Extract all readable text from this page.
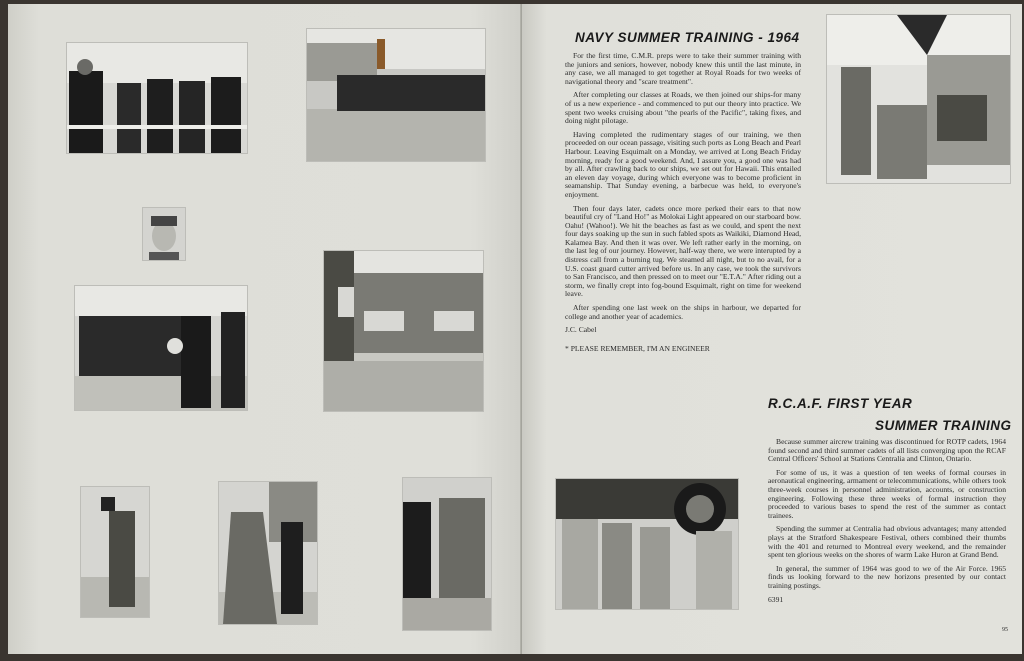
NAVY SUMMER TRAINING - 1964

For the first time, C.M.R. preps were to take their summer training with the juniors and seniors, however, nobody knew this until the last minute, in any case, we all managed to get together at Royal Roads for two weeks of navigational theory and "scare treatment".

After completing our classes at Roads, we then joined our ships-for many of us a new experience - and commenced to put our theory into practice. We spent two weeks cruising about "the pearls of the Pacific", taking fixes, and doing night pilotage.

Having completed the rudimentary stages of our training, we then proceeded on our ocean passage, visiting such ports as Long Beach and Pearl Harbour. Leaving Esquimalt on a Monday, we arrived at Long Beach Friday morning, ready for a good weekend. And, I assure you, a good one was had by all. After crawling back to our ships, we set out for Hawaii. This entailed an eleven day voyage, during which everyone was to become proficient in seamanship. That Sunday evening, a barbecue was held, to everyone's enjoyment.

Then four days later, cadets once more perked their ears to that now beautiful cry of "Land Ho!" as Molokai Light appeared on our starboard bow. Oahu! (Wahoo!). We hit the beaches as fast as we could, and spent the next four days soaking up the sun in such fabled spots as Waikiki, Diamond Head, Kalamea Bay. And then it was over. We left rather early in the morning, on the last leg of our journey. However, half-way there, we were interupted by a distress call from a burning tug. We steamed all night, but to no avail, for a U.S. coast guard cutter arrived before us. In any case, we took the survivors to San Francisco, and then pressed on to meet our "E.T.A." After riding out a storm, we finally crept into fog-bound Esquimalt, right on time for weekend leave.

After spending one last week on the ships in harbour, we departed for college and another year of academics.

J.C. Cabel
* PLEASE REMEMBER, I'M AN ENGINEER
R.C.A.F. FIRST YEAR
SUMMER TRAINING

Because summer aircrew training was discontinued for ROTP cadets, 1964 found second and third summer cadets of all lists converging upon the RCAF Central Officers' School at Stations Centralia and Clinton, Ontario.

For some of us, it was a question of ten weeks of formal courses in aeronautical engineering, armament or telecommunications, while others took three-week courses in personnel administration, accounts, or construction engineering. Following these three weeks of formal instruction they proceeded to various bases to spend the rest of the summer as contact trainees.

Spending the summer at Centralia had obvious advantages; many attended plays at the Stratford Shakespeare Festival, others combined their thumbs with the 401 and returned to Montreal every weekend, and the remainder spent ten glorious weeks on the shores of warm Lake Huron at Grand Bend.

In general, the summer of 1964 was good to we of the Air Force. 1965 finds us looking forward to the new horizons presented by our contact training postings.

6391
95
